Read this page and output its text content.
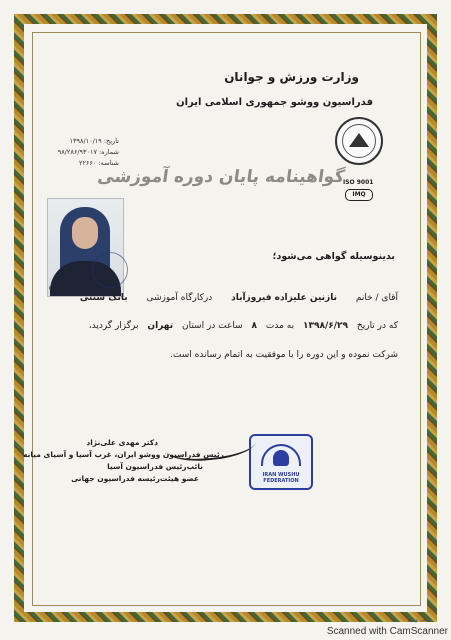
وزارت ورزش و جوانان
فدراسیون ووشو جمهوری اسلامی ایران
تاریخ: ۱۳۹۸/۱۰/۱۹
شماره: ۹۸/۲۸۶/۹۳۰۱۷
شناسه: ۲۲۶۶۰
ISO 9001
IMQ
گواهینامه پایان دوره آموزشی
CM-257
بدینوسیله گواهی می‌شود؛
آقای / خانم نازنین علیزاده فیروزآباد درکارگاه آموزشی بانگ سنتی
که در تاریخ ۱۳۹۸/۶/۲۹ به مدت ۸ ساعت در استان تهران برگزار گردید،
شرکت نموده و این دوره را با موفقیت به اتمام رسانده است.
دکتر مهدی علی‌نژاد
رئیس فدراسیون ووشو ایران، غرب آسیا و آسیای میانه
نائب‌رئیس فدراسیون آسیا
عضو هیئت‌رئیسه فدراسیون جهانی	IRAN WUSHU FEDERATION
پشتی وزین
Scanned with CamScanner
